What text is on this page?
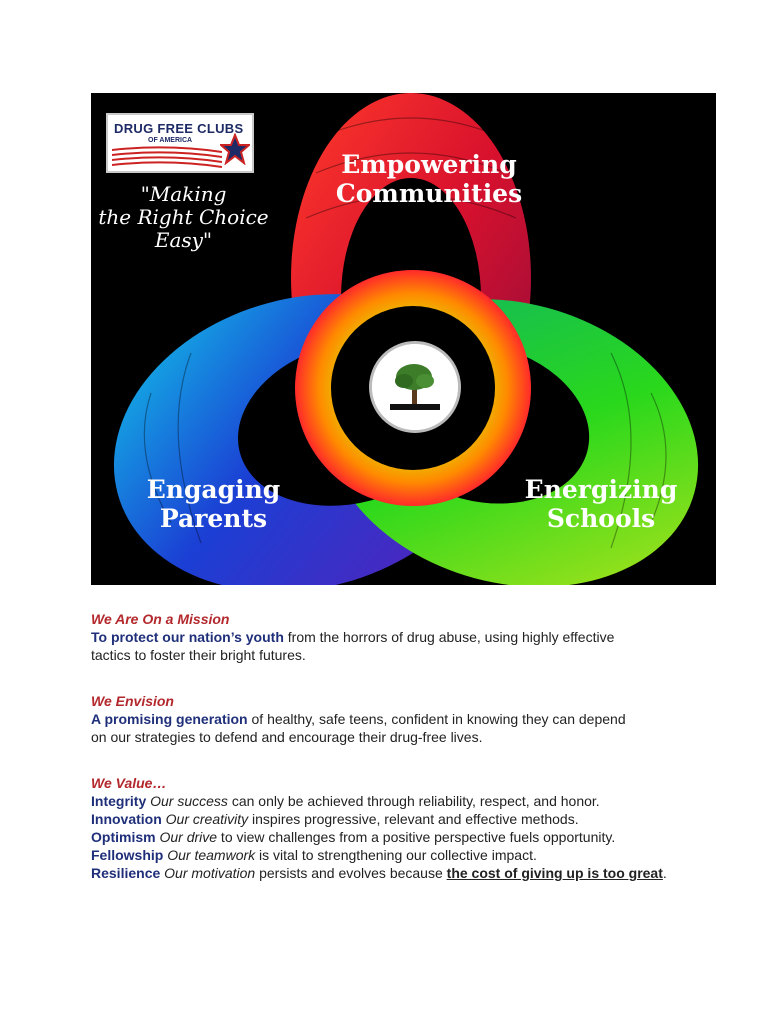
DRUG FREE CLUBS
OF AMERICA
"Making
the Right Choice
Easy"
Empowering
Communities
Engaging
Parents
Energizing
Schools
We Are On a Mission
To protect our nation’s youth from the horrors of drug abuse, using highly effective
tactics to foster their bright futures.
We Envision
A promising generation of healthy, safe teens, confident in knowing they can depend
on our strategies to defend and encourage their drug-free lives.
We Value…
Integrity Our success can only be achieved through reliability, respect, and honor.
Innovation Our creativity inspires progressive, relevant and effective methods.
Optimism Our drive to view challenges from a positive perspective fuels opportunity.
Fellowship Our teamwork is vital to strengthening our collective impact.
Resilience Our motivation persists and evolves because the cost of giving up is too great.
